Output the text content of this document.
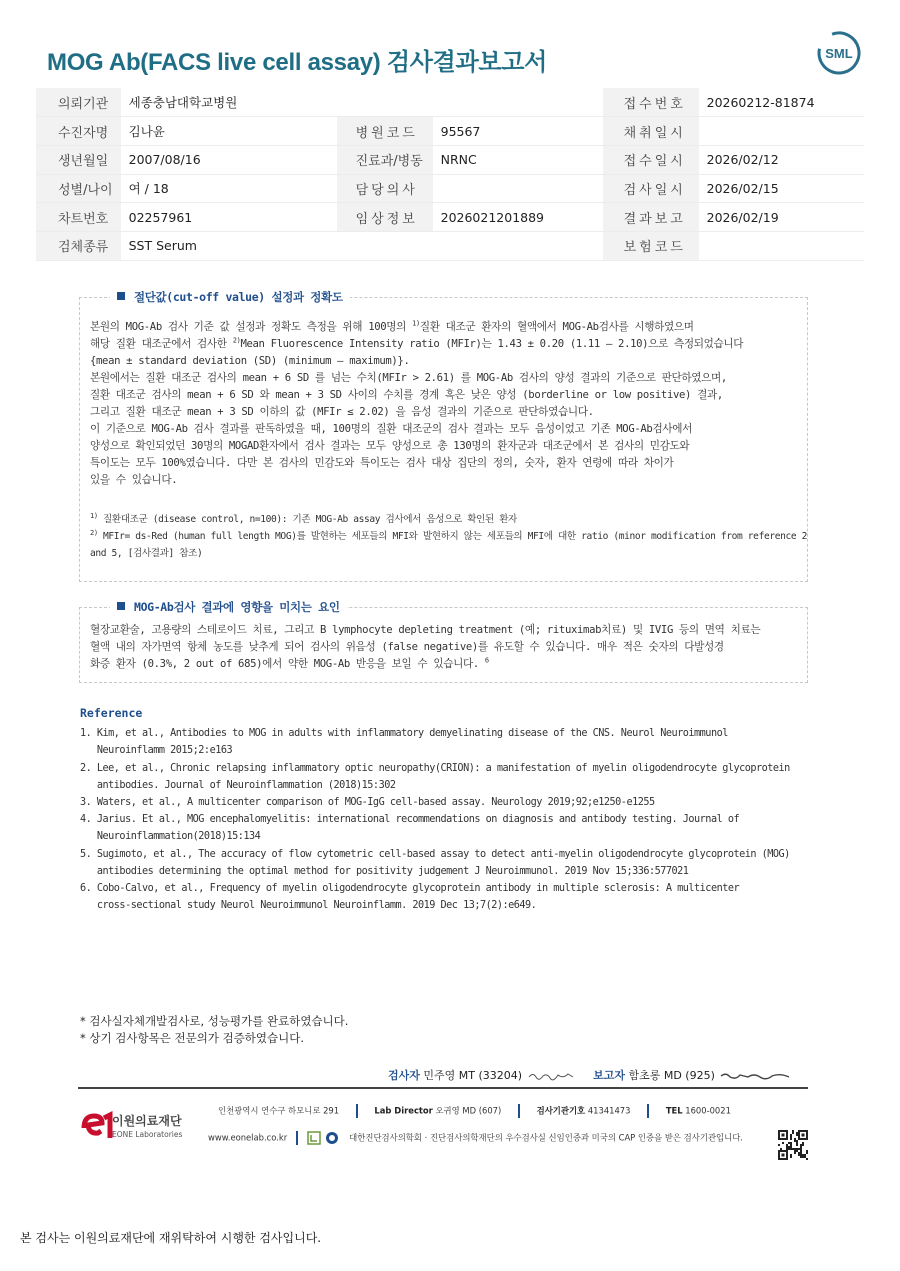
MOG Ab(FACS live cell assay) 검사결과보고서	SML
의뢰기관	세종충남대학교병원			접수번호	20260212-81874
수진자명	김나윤	병원코드	95567	채취일시	
생년월일	2007/08/16	진료과/병동	NRNC	접수일시	2026/02/12
성별/나이	여 / 18	담당의사		검사일시	2026/02/15
차트번호	02257961	임상정보	2026021201889	결과보고	2026/02/19
검체종류	SST Serum			보험코드	
절단값(cut-off value) 설정과 정확도
본원의 MOG-Ab 검사 기준 값 설정과 정확도 측정을 위해 100명의 $^{1)}$질환 대조군 환자의 혈액에서 MOG-Ab검사를 시행하였으며
해당 질환 대조군에서 검사한 $^{2)}$Mean Fluorescence Intensity ratio (MFIr)는 1.43 ± 0.20 (1.11 – 2.10)으로 측정되었습니다
{mean ± standard deviation (SD) (minimum – maximum)}.
본원에서는 질환 대조군 검사의 mean + 6 SD 를 넘는 수치(MFIr > 2.61) 를 MOG-Ab 검사의 양성 결과의 기준으로 판단하였으며,
질환 대조군 검사의 mean + 6 SD 와 mean + 3 SD 사이의 수치를 경계 혹은 낮은 양성 (borderline or low positive) 결과,
그리고 질환 대조군 mean + 3 SD 이하의 값 (MFIr ≤ 2.02) 을 음성 결과의 기준으로 판단하였습니다.
이 기준으로 MOG-Ab 검사 결과를 판독하였을 때, 100명의 질환 대조군의 검사 결과는 모두 음성이었고 기존 MOG-Ab검사에서
양성으로 확인되었던 30명의 MOGAD환자에서 검사 결과는 모두 양성으로 총 130명의 환자군과 대조군에서 본 검사의 민감도와
특이도는 모두 100%였습니다. 다만 본 검사의 민감도와 특이도는 검사 대상 집단의 정의, 숫자, 환자 연령에 따라 차이가
있을 수 있습니다.
$^{1)}$ 질환대조군 (disease control, n=100): 기존 MOG-Ab assay 검사에서 음성으로 확인된 환자
$^{2)}$ MFIr= ds-Red (human full length MOG)를 발현하는 세포들의 MFI와 발현하지 않는 세포들의 MFI에 대한 ratio (minor modification from reference 2
and 5, [검사결과] 참조)
MOG-Ab검사 결과에 영향을 미치는 요인
혈장교환술, 고용량의 스테로이드 치료, 그리고 B lymphocyte depleting treatment (예; rituximab치료) 및 IVIG 등의 면역 치료는
혈액 내의 자가면역 항체 농도를 낮추게 되어 검사의 위음성 (false negative)를 유도할 수 있습니다. 매우 적은 숫자의 다발성경
화증 환자 (0.3%, 2 out of 685)에서 약한 MOG-Ab 반응을 보일 수 있습니다. $^6$
Reference
1. Kim, et al., Antibodies to MOG in adults with inflammatory demyelinating disease of the CNS. Neurol Neuroimmunol
Neuroinflamm 2015;2:e163
2. Lee, et al., Chronic relapsing inflammatory optic neuropathy(CRION): a manifestation of myelin oligodendrocyte glycoprotein
antibodies. Journal of Neuroinflammation (2018)15:302
3. Waters, et al., A multicenter comparison of MOG-IgG cell-based assay. Neurology 2019;92;e1250-e1255
4. Jarius. Et al., MOG encephalomyelitis: international recommendations on diagnosis and antibody testing. Journal of
Neuroinflammation(2018)15:134
5. Sugimoto, et al., The accuracy of flow cytometric cell-based assay to detect anti-myelin oligodendrocyte glycoprotein (MOG)
antibodies determining the optimal method for positivity judgement J Neuroimmunol. 2019 Nov 15;336:577021
6. Cobo-Calvo, et al., Frequency of myelin oligodendrocyte glycoprotein antibody in multiple sclerosis: A multicenter
cross-sectional study Neurol Neuroimmunol Neuroinflamm. 2019 Dec 13;7(2):e649.
* 검사실자체개발검사로, 성능평가를 완료하였습니다.
* 상기 검사항목은 전문의가 검증하였습니다.
검사자 민주영 MT (33204)	보고자 함초롱 MD (925)
이원의료재단
EONE Laboratories
인천광역시 연수구 하모니로 291	Lab Director 오귀영 MD (607)	검사기관기호 41341473	TEL 1600-0021
www.eonelab.co.kr	대한진단검사의학회 · 진단검사의학재단의 우수검사실 신임인증과 미국의 CAP 인증을 받은 검사기관입니다.
본 검사는 이원의료재단에 재위탁하여 시행한 검사입니다.
